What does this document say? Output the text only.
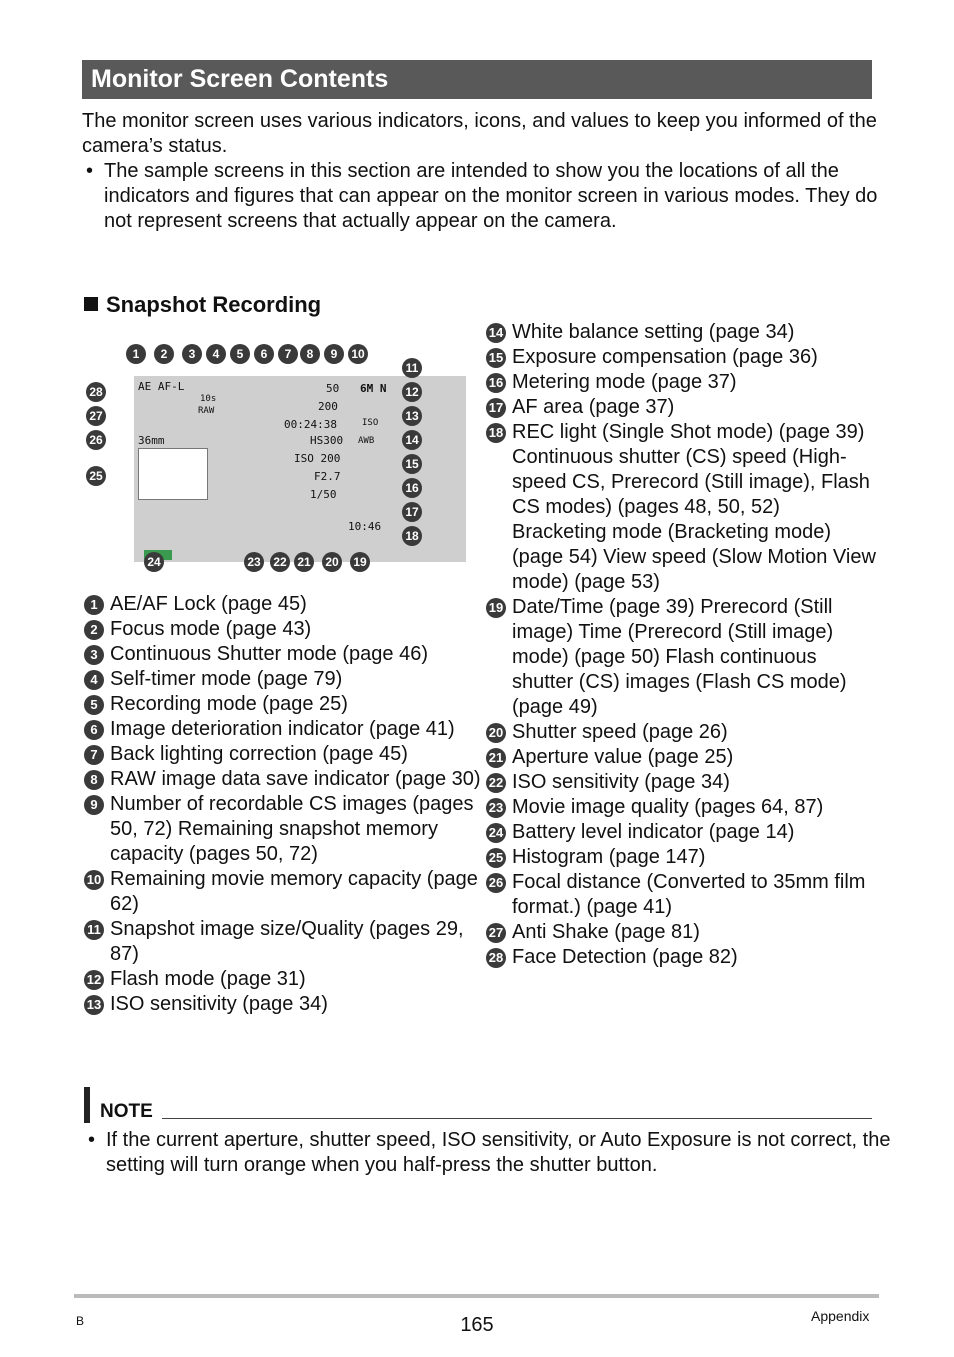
Monitor Screen Contents

The monitor screen uses various indicators, icons, and values to keep you informed of the camera’s status.

• The sample screens in this section are intended to show you the locations of all the indicators and figures that can appear on the monitor screen in various modes. They do not represent screens that actually appear on the camera.

Snapshot Recording
AE AF-L
10s
RAW
50
200
00:24:38
6M N
ISO
AWB
HS300
ISO 200
F2.7
1/50
36mm
10:46
1	2	3	4	5	6	7	8	9	10
11
12
13
14
15
16
17
18
19
20
21
22
23
24
25
26
27
28
1 AE/AF Lock (page 45)
2 Focus mode (page 43)
3 Continuous Shutter mode (page 46)
4 Self-timer mode (page 79)
5 Recording mode (page 25)
6 Image deterioration indicator (page 41)
7 Back lighting correction (page 45)
8 RAW image data save indicator (page 30)
9 Number of recordable CS images (pages 50, 72) Remaining snapshot memory capacity (pages 50, 72)
10 Remaining movie memory capacity (page 62)
11 Snapshot image size/Quality (pages 29, 87)
12 Flash mode (page 31)
13 ISO sensitivity (page 34)
14 White balance setting (page 34)
15 Exposure compensation (page 36)
16 Metering mode (page 37)
17 AF area (page 37)
18 REC light (Single Shot mode) (page 39) Continuous shutter (CS) speed (High-speed CS, Prerecord (Still image), Flash CS modes) (pages 48, 50, 52) Bracketing mode (Bracketing mode) (page 54) View speed (Slow Motion View mode) (page 53)
19 Date/Time (page 39) Prerecord (Still image) Time (Prerecord (Still image) mode) (page 50) Flash continuous shutter (CS) images (Flash CS mode) (page 49)
20 Shutter speed (page 26)
21 Aperture value (page 25)
22 ISO sensitivity (page 34)
23 Movie image quality (pages 64, 87)
24 Battery level indicator (page 14)
25 Histogram (page 147)
26 Focal distance (Converted to 35mm film format.) (page 41)
27 Anti Shake (page 81)
28 Face Detection (page 82)
NOTE
• If the current aperture, shutter speed, ISO sensitivity, or Auto Exposure is not correct, the setting will turn orange when you half-press the shutter button.
B	165	Appendix
